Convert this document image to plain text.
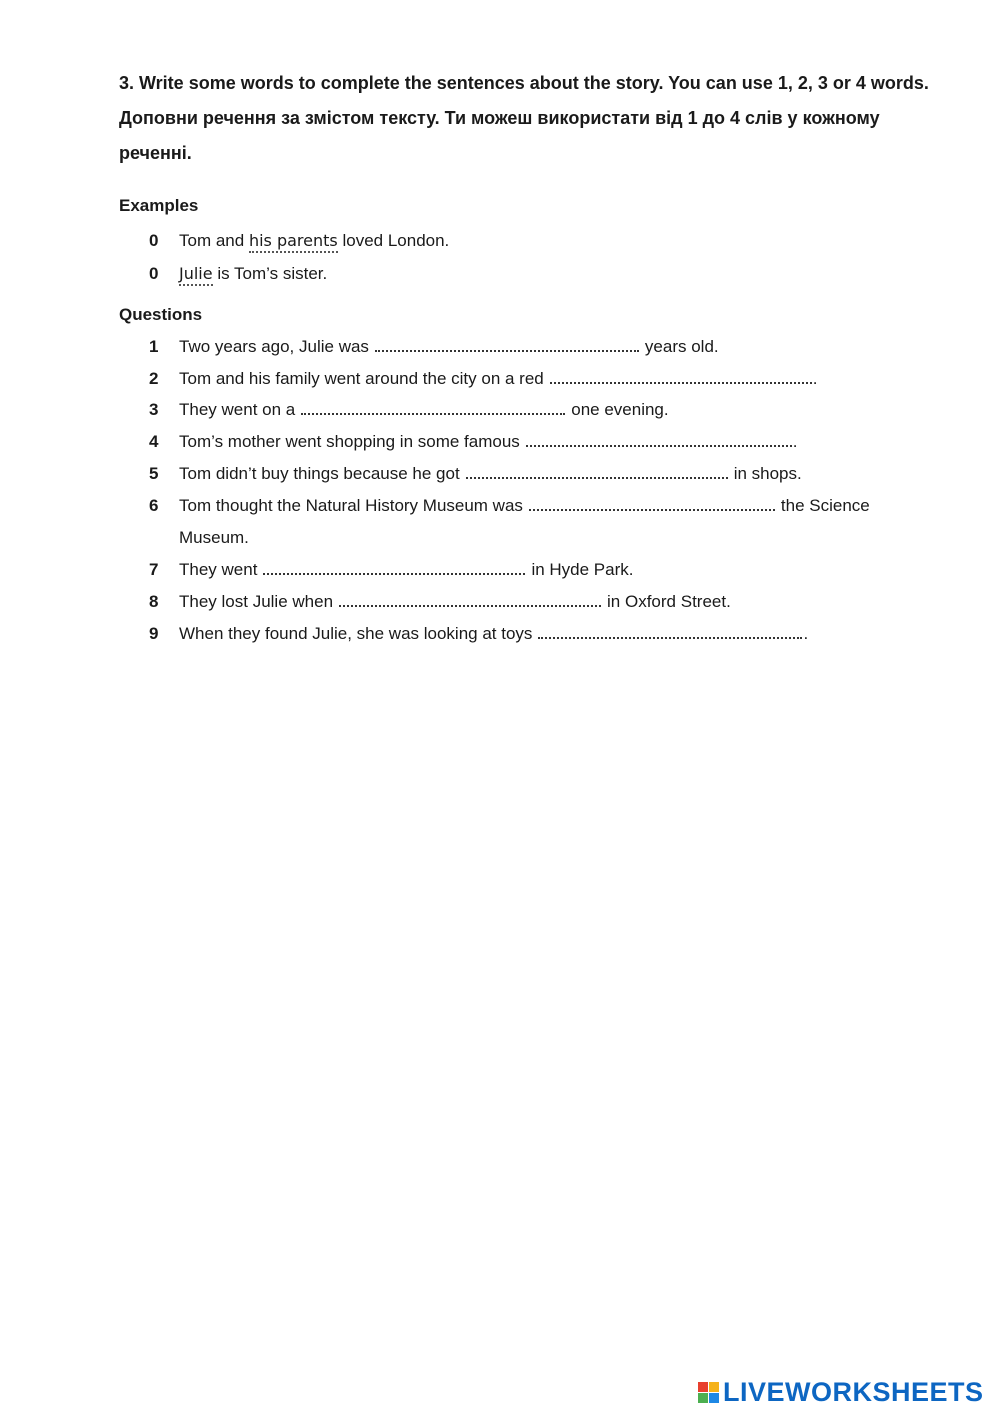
3. Write some words to complete the sentences about the story. You can use 1, 2, 3 or 4 words. Доповни речення за змістом тексту. Ти можеш використати від 1 до 4 слів у кожному реченні.

Examples
0	Tom and
his parents
loved London.
0	Julie
is Tom’s sister.
Questions
1	Two years ago, Julie was	years old.
2	Tom and his family went around the city on a red	.
3	They went on a	one evening.
4	Tom’s mother went shopping in some famous	.
5	Tom didn’t buy things because he got	in shops.
6	Tom thought the Natural History Museum was	the Science
Museum.
7	They went	in Hyde Park.
8	They lost Julie when	in Oxford Street.
9	When they found Julie, she was looking at toys	.
LIVEWORKSHEETS
